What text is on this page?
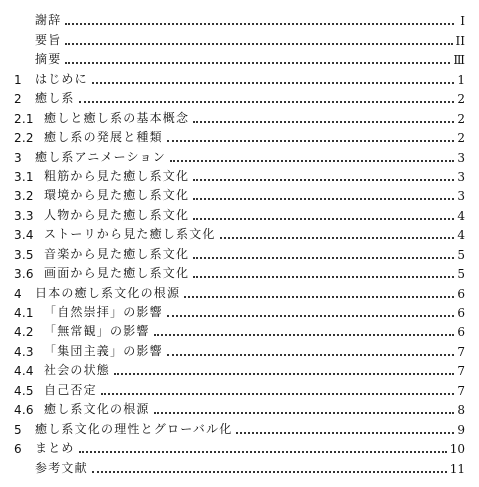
謝辞	I
要旨	II
摘要	Ⅲ
1	はじめに	1
2	癒し系	2
2.1 癒しと癒し系の基本概念	2
2.2 癒し系の発展と種類	2
3	癒し系アニメーション	3
3.1 粗筋から見た癒し系文化	3
3.2 環境から見た癒し系文化	3
3.3 人物から見た癒し系文化	4
3.4 ストーリから見た癒し系文化	4
3.5 音楽から見た癒し系文化	5
3.6 画面から見た癒し系文化	5
4	日本の癒し系文化の根源	6
4.1 「自然崇拝」の影響	6
4.2 「無常観」の影響	6
4.3 「集団主義」の影響	7
4.4 社会の状態	7
4.5 自己否定	7
4.6 癒し系文化の根源	8
5	癒し系文化の理性とグローバル化	9
6	まとめ	10
参考文献	11
